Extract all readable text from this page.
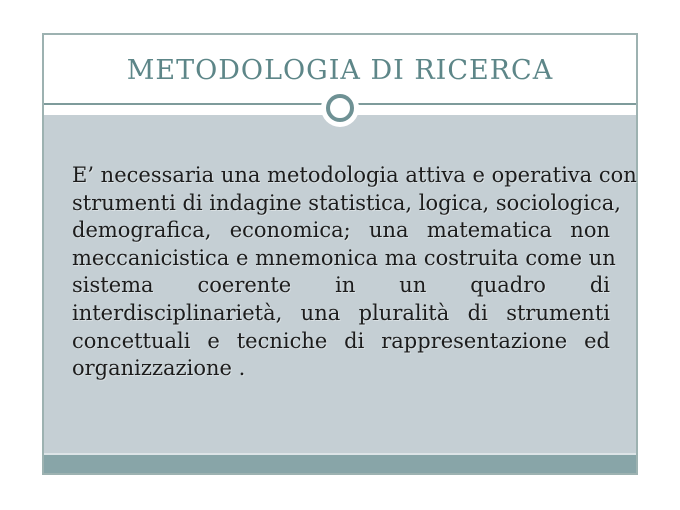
METODOLOGIA DI RICERCA
E’ necessaria una metodologia attiva e operativa con
strumenti di indagine statistica, logica, sociologica,
demografica, economica; una matematica non
meccanicistica e mnemonica ma costruita come un
sistema coerente in un quadro di
interdisciplinarietà, una pluralità di strumenti
concettuali e tecniche di rappresentazione ed
organizzazione .
